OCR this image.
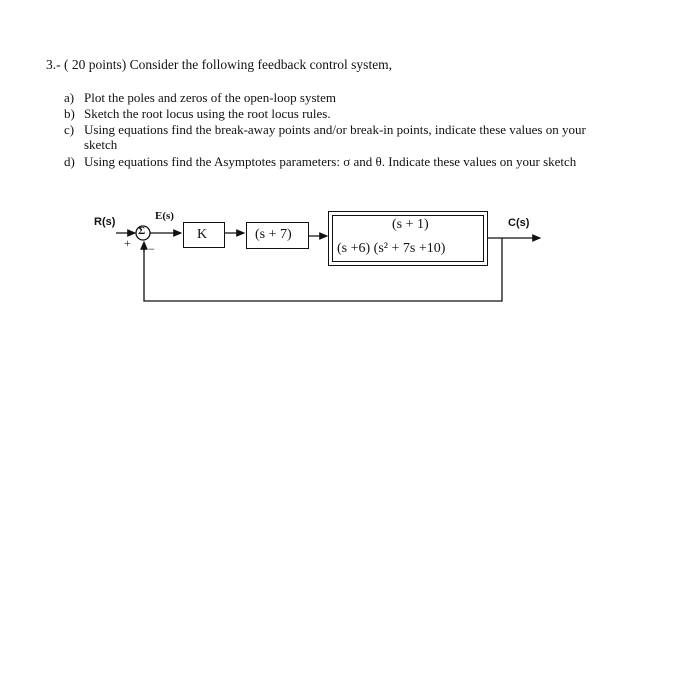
3.- ( 20 points) Consider the following feedback control system,
a) Plot the poles and zeros of the open-loop system
b) Sketch the root locus using the root locus rules.
c) Using equations find the break-away points and/or break-in points, indicate these values on your
sketch
d) Using equations find the Asymptotes parameters: σ and θ. Indicate these values on your sketch
R(s)	E(s)
Σ
+ −
K	(s + 7)
(s + 1)
(s +6) (s² + 7s +10)
C(s)
